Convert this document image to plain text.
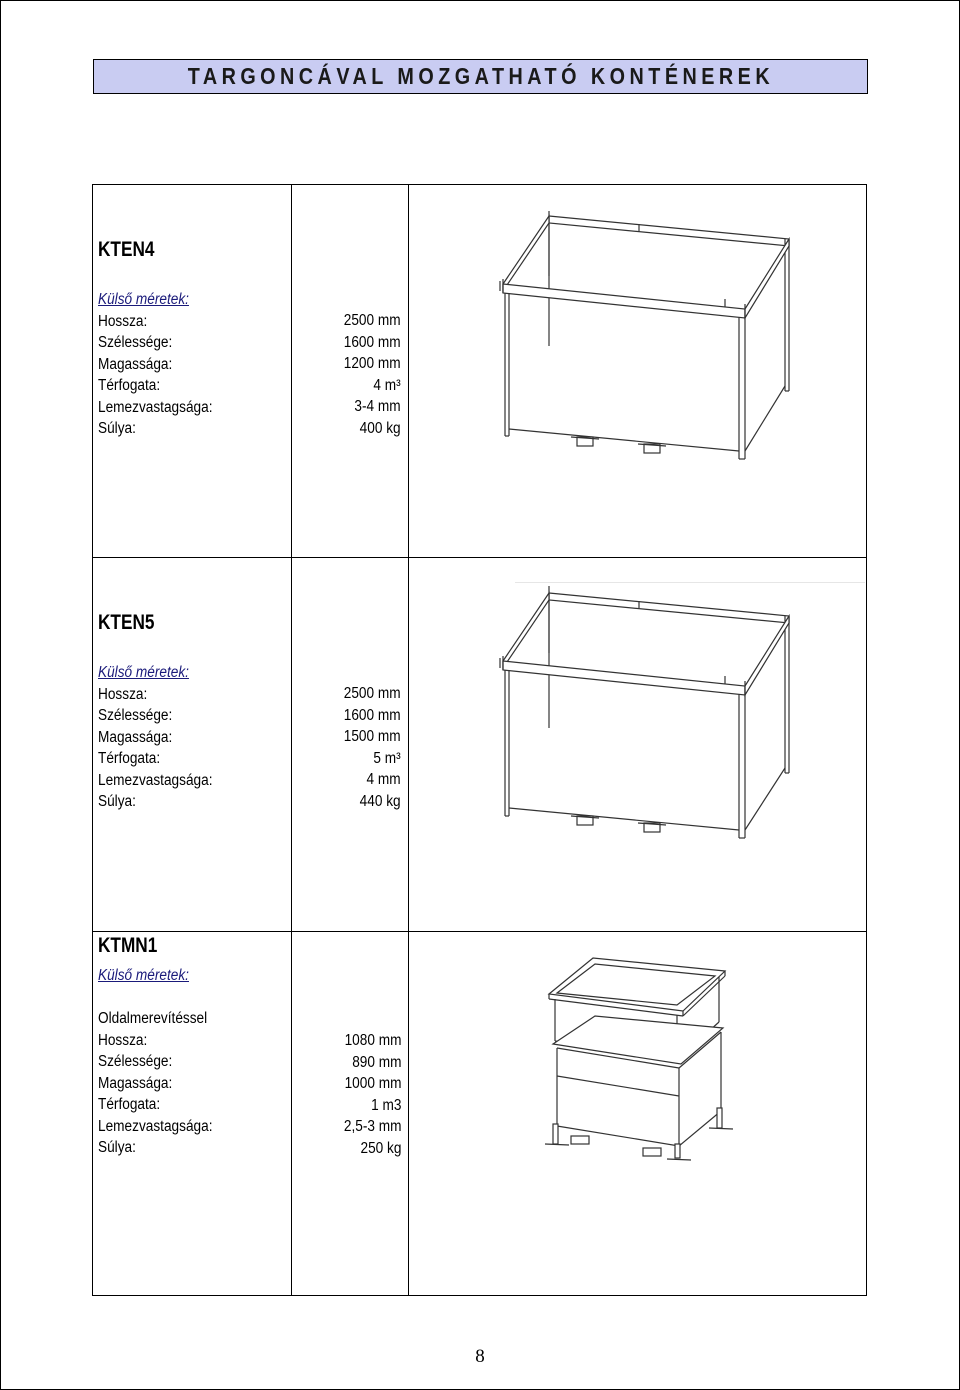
TARGONCÁVAL MOZGATHATÓ KONTÉNEREK
KTEN4
Külső méretek:
Hossza:
Szélessége:
Magassága:
Térfogata:
Lemezvastagsága:
Súlya:
2500 mm
1600 mm
1200 mm
4 m³
3-4 mm
400 kg
KTEN5
Külső méretek:
Hossza:
Szélessége:
Magassága:
Térfogata:
Lemezvastagsága:
Súlya:
2500 mm
1600 mm
1500 mm
5 m³
4 mm
440 kg
KTMN1
Külső méretek:
Oldalmerevítéssel
Hossza:
Szélessége:
Magassága:
Térfogata:
Lemezvastagsága:
Súlya:
1080 mm
890 mm
1000 mm
1 m3
2,5-3 mm
250 kg
8
